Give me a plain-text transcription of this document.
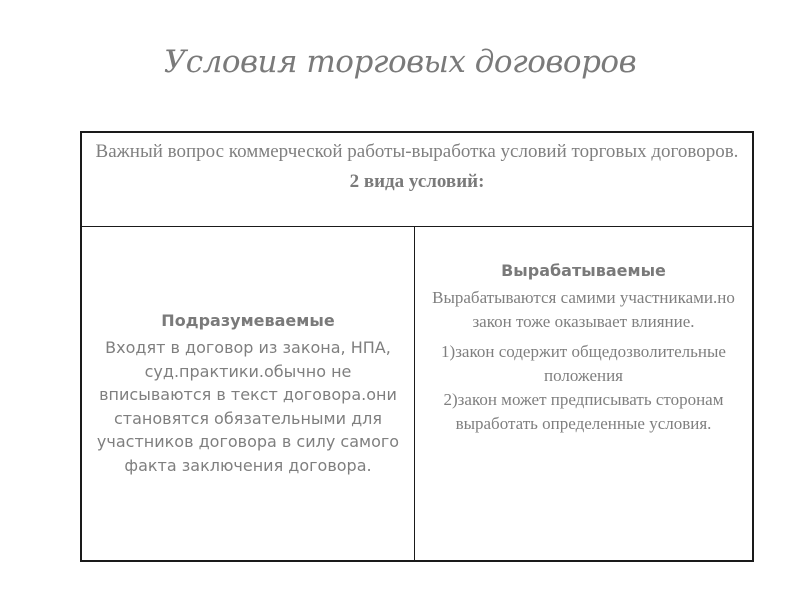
Условия торговых договоров
Важный вопрос коммерческой работы-выработка условий торговых договоров.
2 вида условий:
Подразумеваемые
Входят в договор из закона, НПА, суд.практики.обычно не вписываются в текст договора.они становятся обязательными для участников договора в силу самого факта заключения договора.
Вырабатываемые
Вырабатываются самими участниками.но закон тоже оказывает влияние.
1)закон содержит общедозволительные положения
2)закон может предписывать сторонам выработать определенные условия.
